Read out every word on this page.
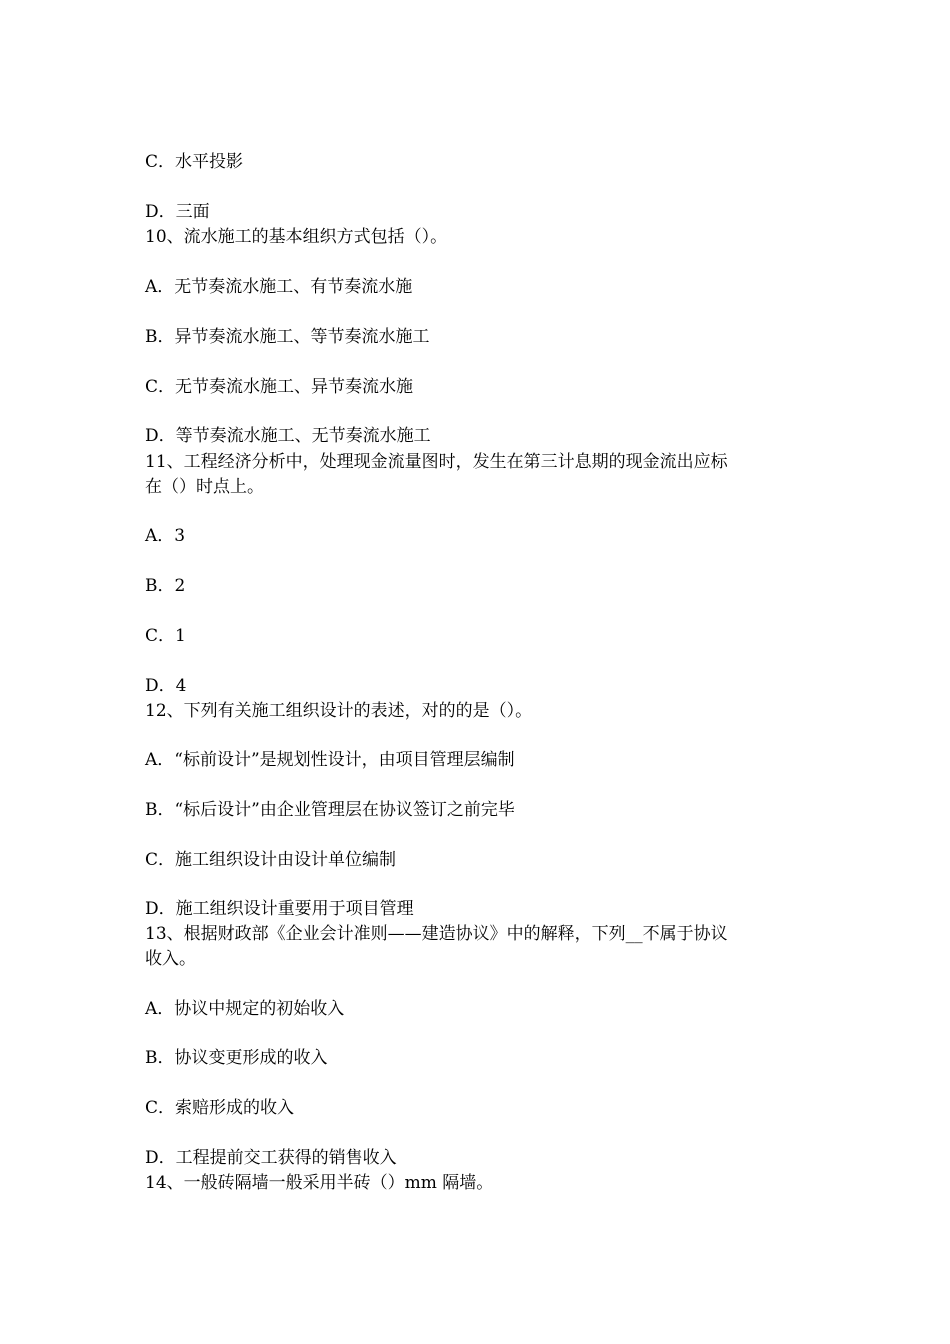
C．水平投影
D．三面
10、流水施工的基本组织方式包括（）。
A．无节奏流水施工、有节奏流水施
B．异节奏流水施工、等节奏流水施工
C．无节奏流水施工、异节奏流水施
D．等节奏流水施工、无节奏流水施工
11、工程经济分析中，处理现金流量图时，发生在第三计息期的现金流出应标
在（）时点上。
A．3
B．2
C．1
D．4
12、下列有关施工组织设计的表述，对的的是（）。
A．“标前设计”是规划性设计，由项目管理层编制
B．“标后设计”由企业管理层在协议签订之前完毕
C．施工组织设计由设计单位编制
D．施工组织设计重要用于项目管理
13、根据财政部《企业会计准则——建造协议》中的解释，下列__不属于协议
收入。
A．协议中规定的初始收入
B．协议变更形成的收入
C．索赔形成的收入
D．工程提前交工获得的销售收入
14、一般砖隔墙一般采用半砖（）mm 隔墙。
